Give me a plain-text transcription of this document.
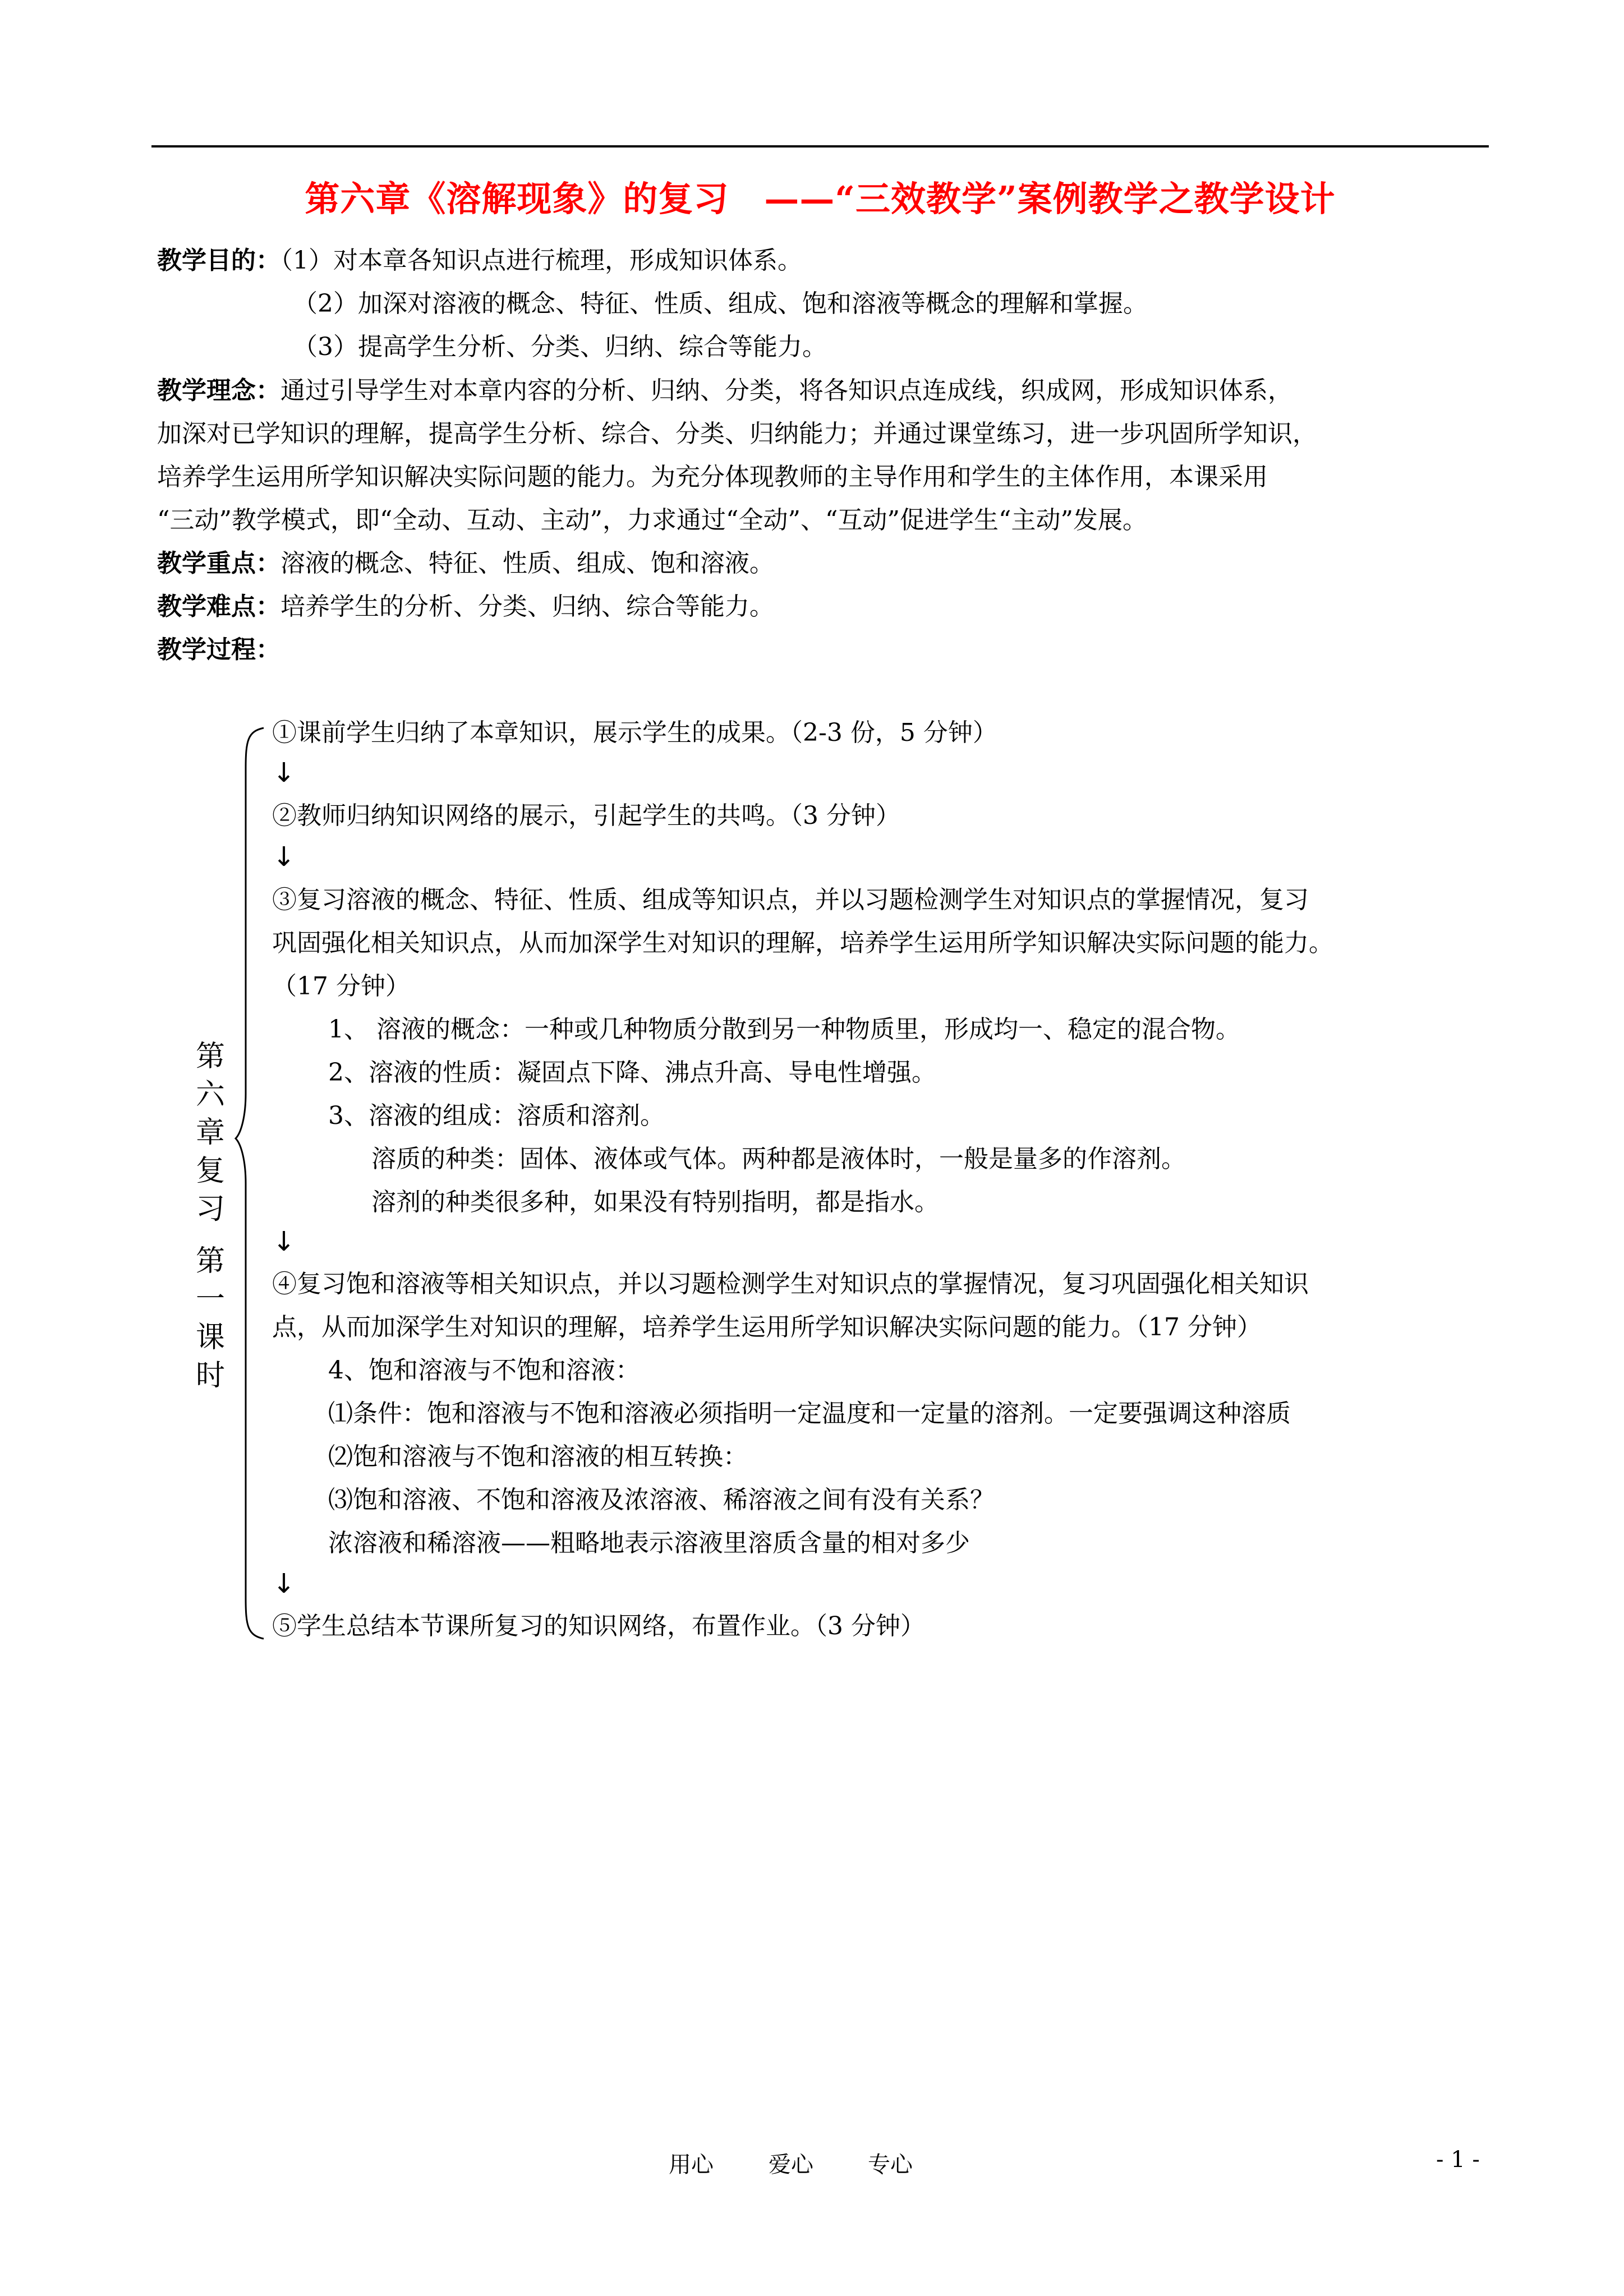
第六章《溶解现象》的复习　——“三效教学”案例教学之教学设计
教学目的：（1）对本章各知识点进行梳理，形成知识体系。
（2）加深对溶液的概念、特征、性质、组成、饱和溶液等概念的理解和掌握。
（3）提高学生分析、分类、归纳、综合等能力。
教学理念：通过引导学生对本章内容的分析、归纳、分类，将各知识点连成线，织成网，形成知识体系，
加深对已学知识的理解，提高学生分析、综合、分类、归纳能力；并通过课堂练习，进一步巩固所学知识，
培养学生运用所学知识解决实际问题的能力。为充分体现教师的主导作用和学生的主体作用，本课采用
“三动”教学模式，即“全动、互动、主动”，力求通过“全动”、“互动”促进学生“主动”发展。
教学重点：溶液的概念、特征、性质、组成、饱和溶液。
教学难点：培养学生的分析、分类、归纳、综合等能力。
教学过程：
第
六
章
复
习
第
一
课
时
①课前学生归纳了本章知识，展示学生的成果。（2-3 份，5 分钟）
↓
②教师归纳知识网络的展示，引起学生的共鸣。（3 分钟）
↓
③复习溶液的概念、特征、性质、组成等知识点，并以习题检测学生对知识点的掌握情况，复习
巩固强化相关知识点，从而加深学生对知识的理解，培养学生运用所学知识解决实际问题的能力。
（17 分钟）
1、 溶液的概念：一种或几种物质分散到另一种物质里，形成均一、稳定的混合物。
2、溶液的性质：凝固点下降、沸点升高、导电性增强。
3、溶液的组成：溶质和溶剂。
溶质的种类：固体、液体或气体。两种都是液体时，一般是量多的作溶剂。
溶剂的种类很多种，如果没有特别指明，都是指水。
↓
④复习饱和溶液等相关知识点，并以习题检测学生对知识点的掌握情况，复习巩固强化相关知识
点，从而加深学生对知识的理解，培养学生运用所学知识解决实际问题的能力。（17 分钟）
4、饱和溶液与不饱和溶液：
⑴条件：饱和溶液与不饱和溶液必须指明一定温度和一定量的溶剂。一定要强调这种溶质
⑵饱和溶液与不饱和溶液的相互转换：
⑶饱和溶液、不饱和溶液及浓溶液、稀溶液之间有没有关系？
浓溶液和稀溶液——粗略地表示溶液里溶质含量的相对多少
↓
⑤学生总结本节课所复习的知识网络，布置作业。（3 分钟）
用心 爱心 专心	- 1 -
